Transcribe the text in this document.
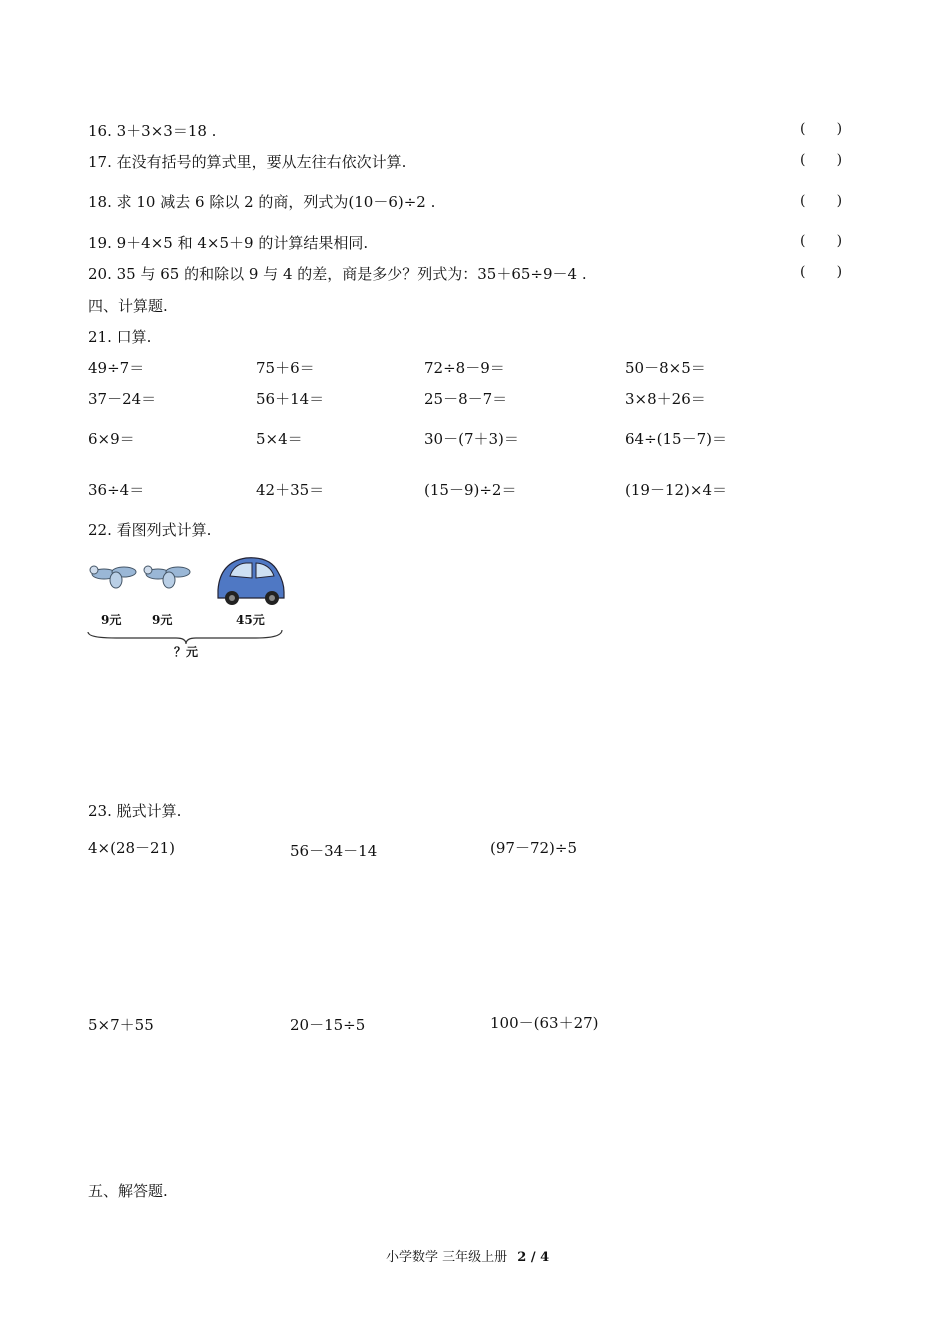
16. 3＋3×3＝18 .	(       )
17. 在没有括号的算式里，要从左往右依次计算.	(       )
18. 求 10 减去 6 除以 2 的商，列式为(10－6)÷2 .	(       )
19. 9＋4×5 和 4×5＋9 的计算结果相同.	(       )
20. 35 与 65 的和除以 9 与 4 的差，商是多少？列式为：35＋65÷9－4 .	(       )
四、计算题.
21. 口算.
49÷7＝	75＋6＝	72÷8－9＝	50－8×5＝
37－24＝	56＋14＝	25－8－7＝	3×8＋26＝
6×9＝	5×4＝	30－(7＋3)＝	64÷(15－7)＝
36÷4＝	42＋35＝	(15－9)÷2＝	(19－12)×4＝
22. 看图列式计算.
9元	9元	45元
？元
23. 脱式计算.
4×(28－21)	56－34－14	(97－72)÷5
5×7＋55	20－15÷5	100－(63＋27)
五、解答题.
小学数学 三年级上册 2 / 4
